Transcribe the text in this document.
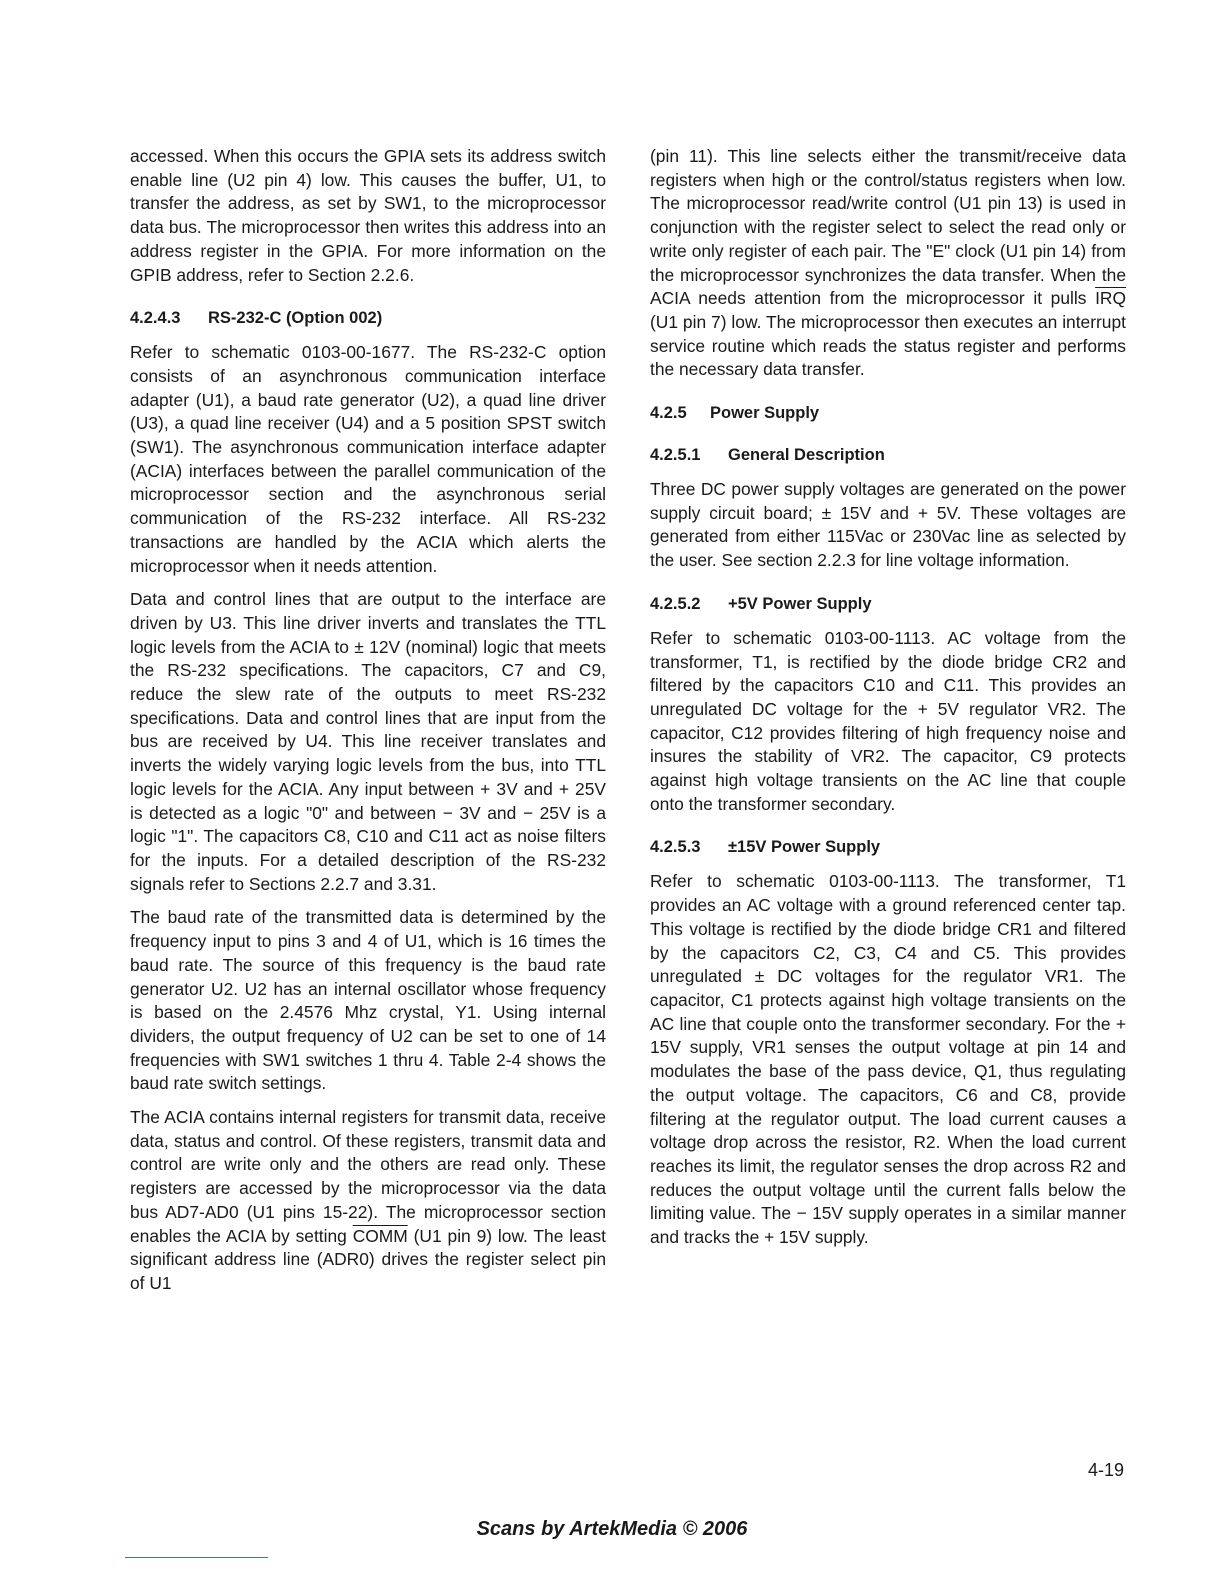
accessed. When this occurs the GPIA sets its address switch enable line (U2 pin 4) low. This causes the buffer, U1, to transfer the address, as set by SW1, to the microprocessor data bus. The microprocessor then writes this address into an address register in the GPIA. For more information on the GPIB address, refer to Section 2.2.6.

4.2.4.3 RS-232-C (Option 002)

Refer to schematic 0103-00-1677. The RS-232-C option consists of an asynchronous communication interface adapter (U1), a baud rate generator (U2), a quad line driver (U3), a quad line receiver (U4) and a 5 position SPST switch (SW1). The asynchronous communication interface adapter (ACIA) interfaces between the parallel communication of the microprocessor section and the asynchronous serial communication of the RS-232 interface. All RS-232 transactions are handled by the ACIA which alerts the microprocessor when it needs attention.

Data and control lines that are output to the interface are driven by U3. This line driver inverts and translates the TTL logic levels from the ACIA to ± 12V (nominal) logic that meets the RS-232 specifications. The capacitors, C7 and C9, reduce the slew rate of the outputs to meet RS-232 specifications. Data and control lines that are input from the bus are received by U4. This line receiver translates and inverts the widely varying logic levels from the bus, into TTL logic levels for the ACIA. Any input between + 3V and + 25V is detected as a logic "0" and between − 3V and − 25V is a logic "1". The capacitors C8, C10 and C11 act as noise filters for the inputs. For a detailed description of the RS-232 signals refer to Sections 2.2.7 and 3.31.

The baud rate of the transmitted data is determined by the frequency input to pins 3 and 4 of U1, which is 16 times the baud rate. The source of this frequency is the baud rate generator U2. U2 has an internal oscillator whose frequency is based on the 2.4576 Mhz crystal, Y1. Using internal dividers, the output frequency of U2 can be set to one of 14 frequencies with SW1 switches 1 thru 4. Table 2-4 shows the baud rate switch settings.

The ACIA contains internal registers for transmit data, receive data, status and control. Of these registers, transmit data and control are write only and the others are read only. These registers are accessed by the microprocessor via the data bus AD7-AD0 (U1 pins 15-22). The microprocessor section enables the ACIA by setting COMM (U1 pin 9) low. The least significant address line (ADR0) drives the register select pin of U1

(pin 11). This line selects either the transmit/receive data registers when high or the control/status registers when low. The microprocessor read/write control (U1 pin 13) is used in conjunction with the register select to select the read only or write only register of each pair. The "E" clock (U1 pin 14) from the microprocessor synchronizes the data transfer. When the ACIA needs attention from the microprocessor it pulls $\overline{IRQ}$ (U1 pin 7) low. The microprocessor then executes an interrupt service routine which reads the status register and performs the necessary data transfer.

4.2.5 Power Supply
4.2.5.1 General Description

Three DC power supply voltages are generated on the power supply circuit board; ± 15V and + 5V. These voltages are generated from either 115Vac or 230Vac line as selected by the user. See section 2.2.3 for line voltage information.

4.2.5.2 +5V Power Supply

Refer to schematic 0103-00-1113. AC voltage from the transformer, T1, is rectified by the diode bridge CR2 and filtered by the capacitors C10 and C11. This provides an unregulated DC voltage for the + 5V regulator VR2. The capacitor, C12 provides filtering of high frequency noise and insures the stability of VR2. The capacitor, C9 protects against high voltage transients on the AC line that couple onto the transformer secondary.

4.2.5.3 ±15V Power Supply

Refer to schematic 0103-00-1113. The transformer, T1 provides an AC voltage with a ground referenced center tap. This voltage is rectified by the diode bridge CR1 and filtered by the capacitors C2, C3, C4 and C5. This provides unregulated ± DC voltages for the regulator VR1. The capacitor, C1 protects against high voltage transients on the AC line that couple onto the transformer secondary. For the + 15V supply, VR1 senses the output voltage at pin 14 and modulates the base of the pass device, Q1, thus regulating the output voltage. The capacitors, C6 and C8, provide filtering at the regulator output. The load current causes a voltage drop across the resistor, R2. When the load current reaches its limit, the regulator senses the drop across R2 and reduces the output voltage until the current falls below the limiting value. The − 15V supply operates in a similar manner and tracks the + 15V supply.

4-19
Scans by ArtekMedia © 2006
